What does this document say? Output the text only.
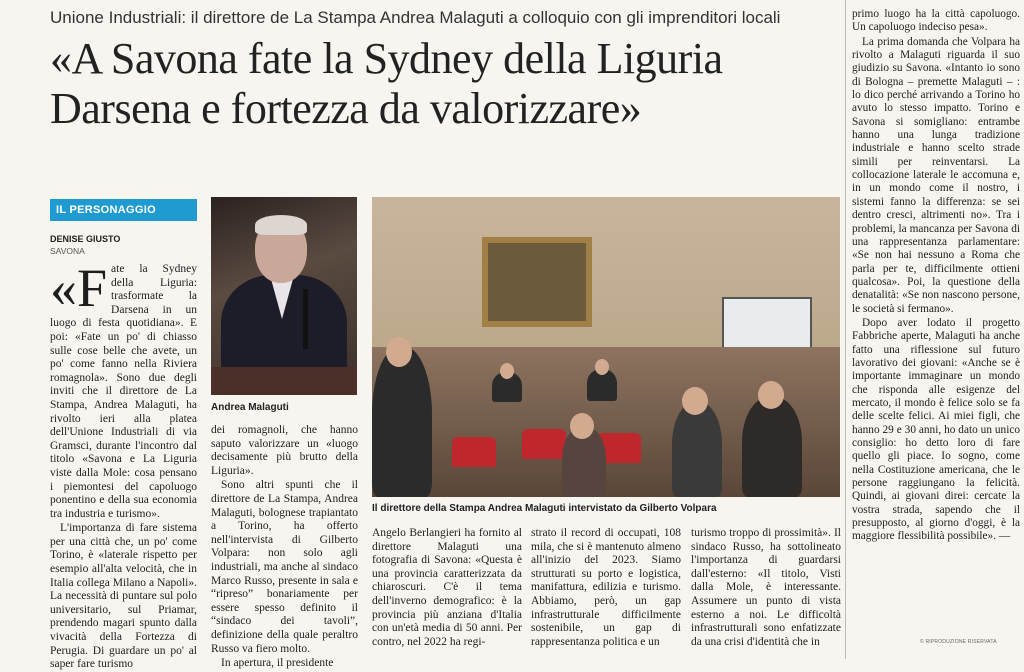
Unione Industriali: il direttore de La Stampa Andrea Malaguti a colloquio con gli imprenditori locali
«A Savona fate la Sydney della Liguria
Darsena e fortezza da valorizzare»
IL PERSONAGGIO
DENISE GIUSTO
SAVONA

«Fate la Sydney della Liguria: trasformate la Darsena in un luogo di festa quotidiana». E poi: «Fate un po' di chiasso sulle cose belle che avete, un po' come fanno nella Riviera romagnola». Sono due degli inviti che il direttore de La Stampa, Andrea Malaguti, ha rivolto ieri alla platea dell'Unione Industriali di via Gramsci, durante l'incontro dal titolo «Savona e La Liguria viste dalla Mole: cosa pensano i piemontesi del capoluogo ponentino e della sua economia tra industria e turismo».

L'importanza di fare sistema per una città che, un po' come Torino, è «laterale rispetto per esempio all'alta velocità, che in Italia collega Milano a Napoli». La necessità di puntare sul polo universitario, sul Priamar, prendendo magari spunto dalla vivacità della Fortezza di Perugia. Di guardare un po' al saper fare turismo

Andrea Malaguti

dei romagnoli, che hanno saputo valorizzare un «luogo decisamente più brutto della Liguria».

Sono altri spunti che il direttore de La Stampa, Andrea Malaguti, bolognese trapiantato a Torino, ha offerto nell'intervista di Gilberto Volpara: non solo agli industriali, ma anche al sindaco Marco Russo, presente in sala e “ripreso” bonariamente per essere spesso definito il “sindaco dei tavoli”, definizione della quale peraltro Russo va fiero molto.

In apertura, il presidente

Il direttore della Stampa Andrea Malaguti intervistato da Gilberto Volpara

Angelo Berlangieri ha fornito al direttore Malaguti una fotografia di Savona: «Questa è una provincia caratterizzata da chiaroscuri. C'è il tema dell'inverno demografico: è la provincia più anziana d'Italia con un'età media di 50 anni. Per contro, nel 2022 ha regi-

strato il record di occupati, 108 mila, che si è mantenuto almeno all'inizio del 2023. Siamo strutturati su porto e logistica, manifattura, edilizia e turismo. Abbiamo, però, un gap infrastrutturale difficilmente sostenibile, un gap di rappresentanza politica e un

turismo troppo di prossimità». Il sindaco Russo, ha sottolineato l'importanza di guardarsi dall'esterno: «Il titolo, Visti dalla Mole, è interessante. Assumere un punto di vista esterno a noi. Le difficoltà infrastrutturali sono enfatizzate da una crisi d'identità che in

primo luogo ha la città capoluogo. Un capoluogo indeciso pesa».

La prima domanda che Volpara ha rivolto a Malaguti riguarda il suo giudizio su Savona. «Intanto io sono di Bologna – premette Malaguti – : lo dico perché arrivando a Torino ho avuto lo stesso impatto. Torino e Savona si somigliano: entrambe hanno una lunga tradizione industriale e hanno scelto strade simili per reinventarsi. La collocazione laterale le accomuna e, in un mondo come il nostro, i sistemi fanno la differenza: se sei dentro cresci, altrimenti no». Tra i problemi, la mancanza per Savona di una rappresentanza parlamentare: «Se non hai nessuno a Roma che parla per te, difficilmente ottieni qualcosa». Poi, la questione della denatalità: «Se non nascono persone, le società si fermano».

Dopo aver lodato il progetto Fabbriche aperte, Malaguti ha anche fatto una riflessione sul futuro lavorativo dei giovani: «Anche se è importante immaginare un mondo che risponda alle esigenze del mercato, il mondo è felice solo se fa delle scelte felici. Ai miei figli, che hanno 29 e 30 anni, ho dato un unico consiglio: ho detto loro di fare quello gli piace. Io sogno, come nella Costituzione americana, che le persone raggiungano la felicità. Quindi, ai giovani direi: cercate la vostra strada, sapendo che il presupposto, al giorno d'oggi, è la maggiore flessibilità possibile». —

© RIPRODUZIONE RISERVATA
